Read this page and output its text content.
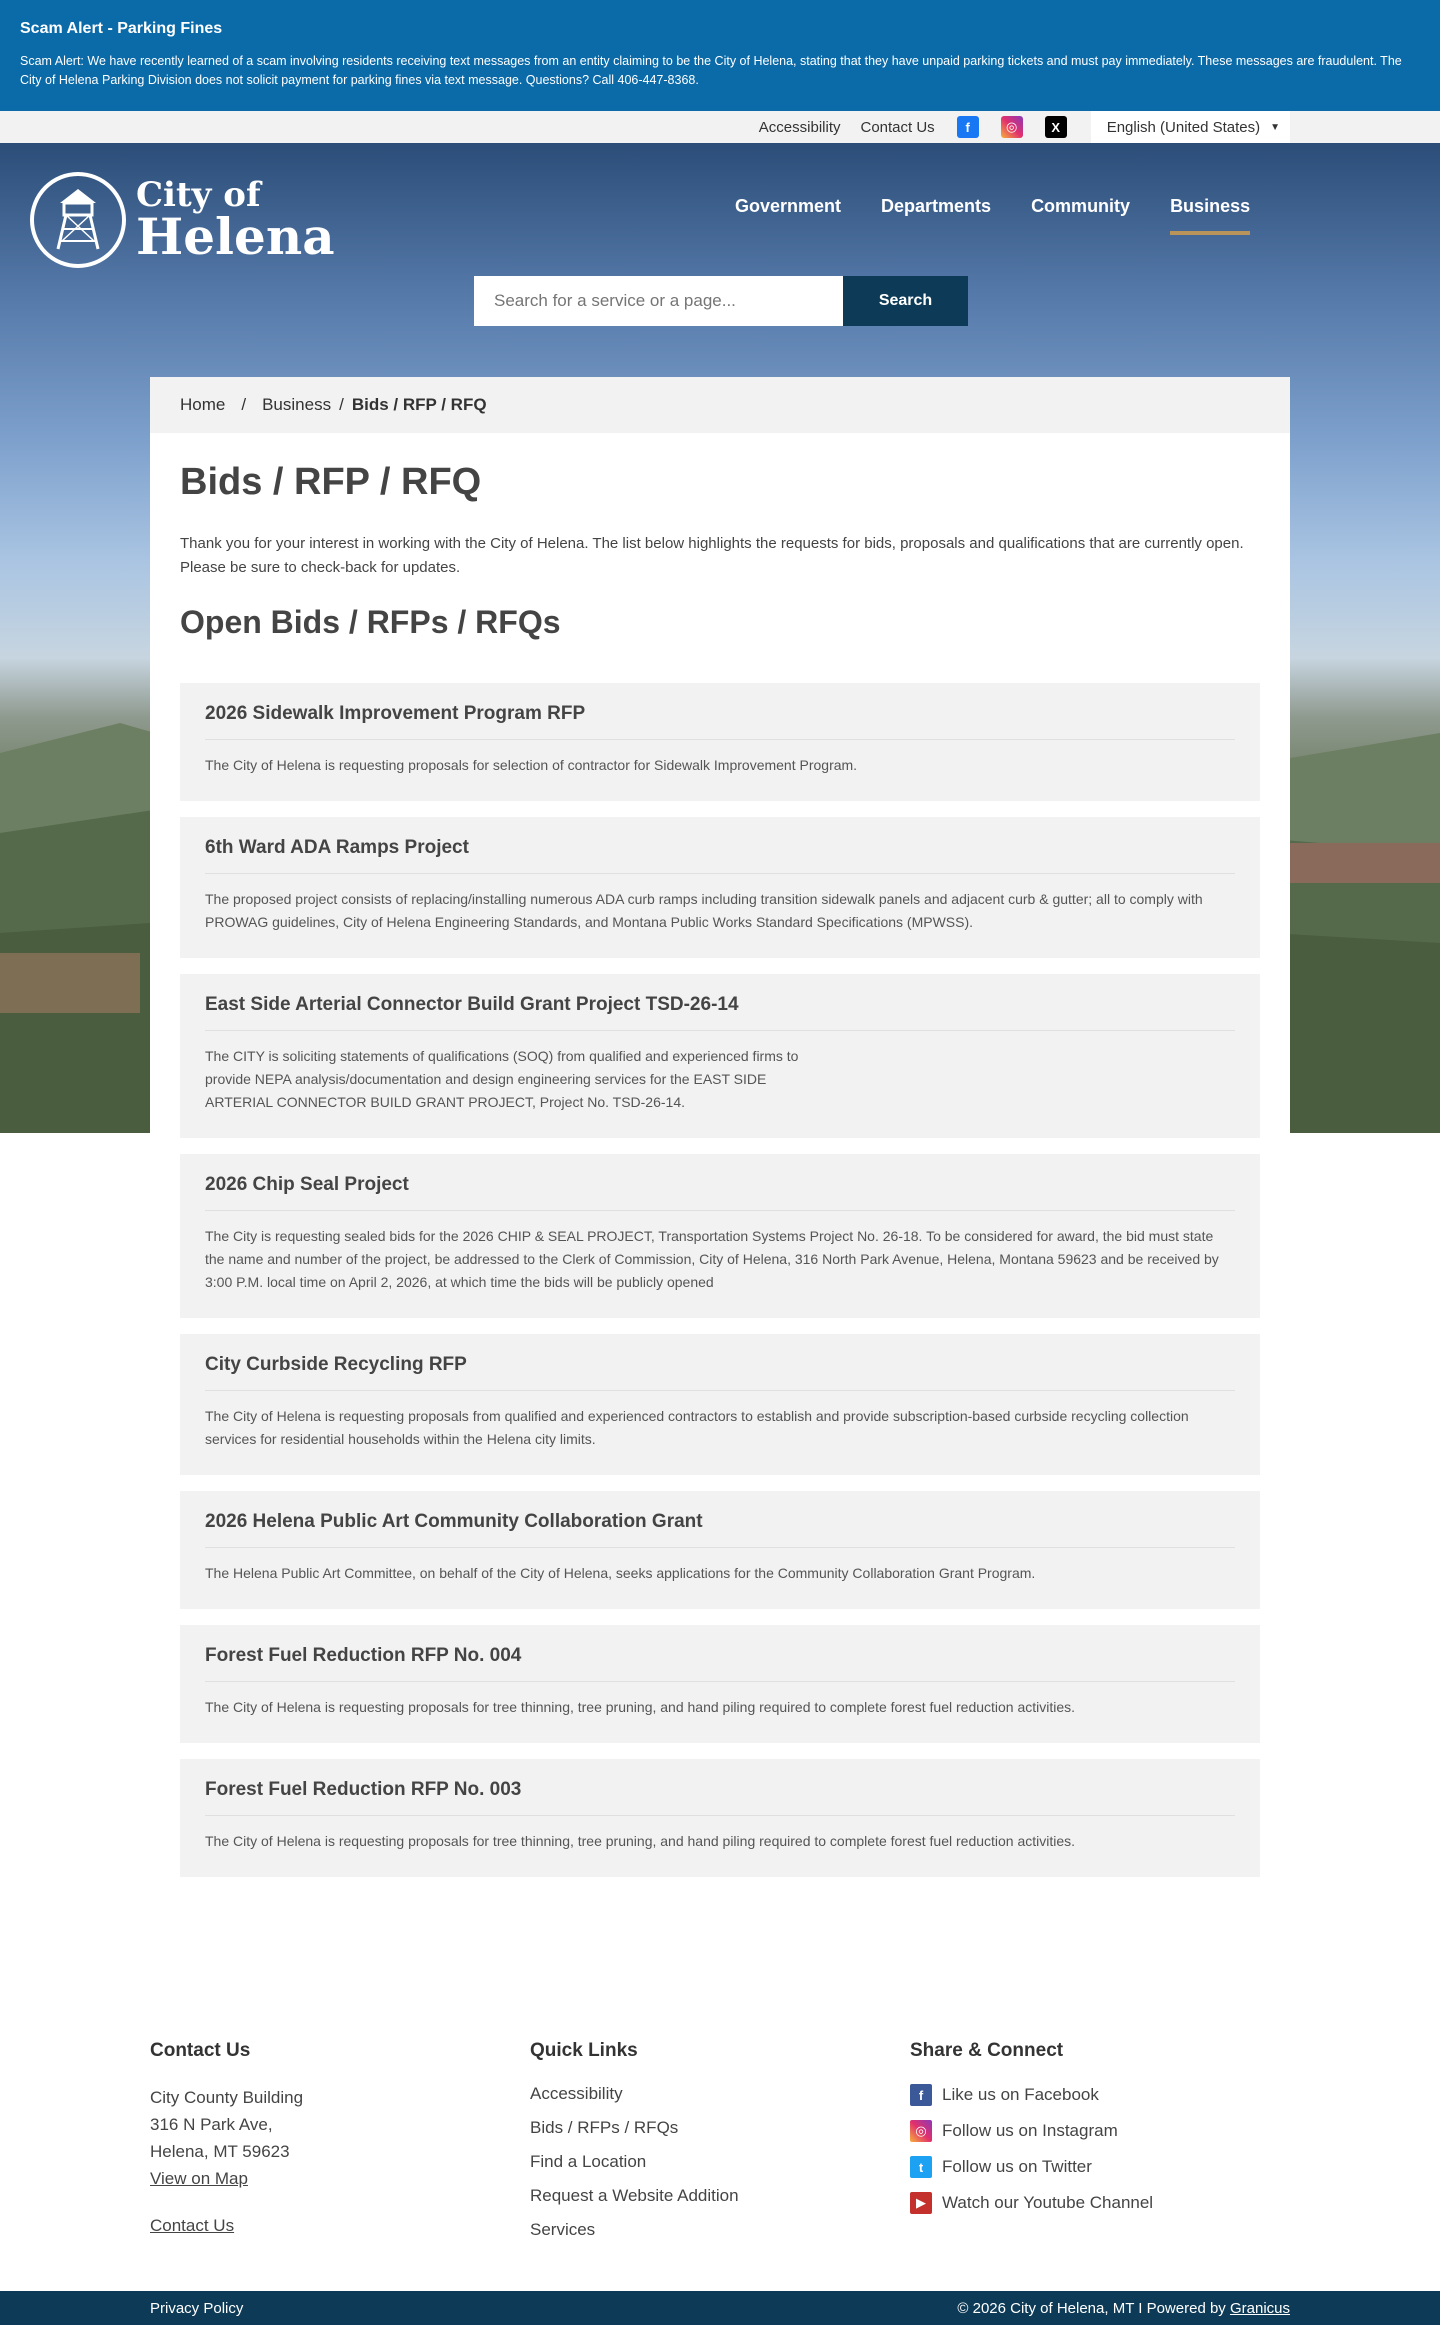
Scam Alert - Parking Fines

Scam Alert: We have recently learned of a scam involving residents receiving text messages from an entity claiming to be the City of Helena, stating that they have unpaid parking tickets and must pay immediately. These messages are fraudulent. The City of Helena Parking Division does not solicit payment for parking fines via text message. Questions? Call 406-447-8368.

Accessibility Contact Us	f	◎	X	English (United States) ▼
City of
Helena
Government Departments Community Business
Search for a service or a page...
Search
Home / Business / Bids / RFP / RFQ
Bids / RFP / RFQ

Thank you for your interest in working with the City of Helena. The list below highlights the requests for bids, proposals and qualifications that are currently open. Please be sure to check-back for updates.

Open Bids / RFPs / RFQs
2026 Sidewalk Improvement Program RFP

The City of Helena is requesting proposals for selection of contractor for Sidewalk Improvement Program.

6th Ward ADA Ramps Project

The proposed project consists of replacing/installing numerous ADA curb ramps including transition sidewalk panels and adjacent curb & gutter; all to comply with PROWAG guidelines, City of Helena Engineering Standards, and Montana Public Works Standard Specifications (MPWSS).

East Side Arterial Connector Build Grant Project TSD-26-14

The CITY is soliciting statements of qualifications (SOQ) from qualified and experienced firms to provide NEPA analysis/documentation and design engineering services for the EAST SIDE ARTERIAL CONNECTOR BUILD GRANT PROJECT, Project No. TSD-26-14.

2026 Chip Seal Project

The City is requesting sealed bids for the 2026 CHIP & SEAL PROJECT, Transportation Systems Project No. 26-18. To be considered for award, the bid must state the name and number of the project, be addressed to the Clerk of Commission, City of Helena, 316 North Park Avenue, Helena, Montana 59623 and be received by 3:00 P.M. local time on April 2, 2026, at which time the bids will be publicly opened

City Curbside Recycling RFP

The City of Helena is requesting proposals from qualified and experienced contractors to establish and provide subscription-based curbside recycling collection services for residential households within the Helena city limits.

2026 Helena Public Art Community Collaboration Grant

The Helena Public Art Committee, on behalf of the City of Helena, seeks applications for the Community Collaboration Grant Program.

Forest Fuel Reduction RFP No. 004

The City of Helena is requesting proposals for tree thinning, tree pruning, and hand piling required to complete forest fuel reduction activities.

Forest Fuel Reduction RFP No. 003

The City of Helena is requesting proposals for tree thinning, tree pruning, and hand piling required to complete forest fuel reduction activities.

Contact Us
City County Building
316 N Park Ave,
Helena, MT 59623
View on Map
Contact Us
Quick Links
Accessibility
Bids / RFPs / RFQs
Find a Location
Request a Website Addition
Services
Share & Connect
f	Like us on Facebook
◎ Follow us on Instagram
t	Follow us on Twitter
▶ Watch our Youtube Channel
Privacy Policy	© 2026 City of Helena, MT I Powered by Granicus
